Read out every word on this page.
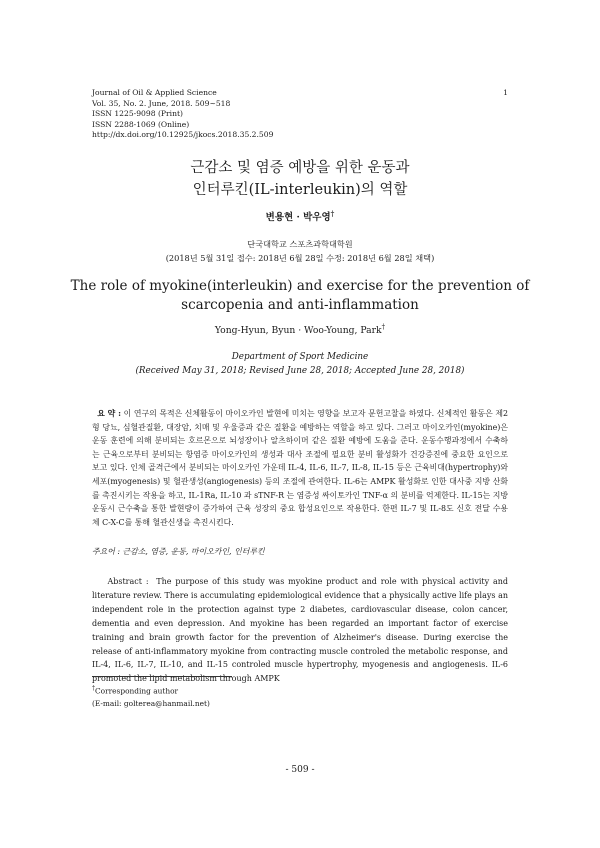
Journal of Oil & Applied Science
Vol. 35, No. 2. June, 2018. 509~518
ISSN 1225-9098 (Print)
ISSN 2288-1069 (Online)
http://dx.doi.org/10.12925/jkocs.2018.35.2.509
1
근감소 및 염증 예방을 위한 운동과
인터루킨(IL-interleukin)의 역할
변용현 · 박우영†
단국대학교 스포츠과학대학원
(2018년 5월 31일 접수: 2018년 6월 28일 수정: 2018년 6월 28일 채택)
The role of myokine(interleukin) and exercise for the prevention of
scarcopenia and anti-inflammation
Yong-Hyun, Byun · Woo-Young, Park†
Department of Sport Medicine
(Received May 31, 2018; Revised June 28, 2018; Accepted June 28, 2018)
요 약 : 이 연구의 목적은 신체활동이 마이오카인 발현에 미치는 영향을 보고자 문헌고찰을 하였다. 신체적인 활동은 제2형 당뇨, 심혈관질환, 대장암, 치매 및 우울증과 같은 질환을 예방하는 역할을 하고 있다. 그러고 마이오카인(myokine)은 운동 훈련에 의해 분비되는 호르몬으로 뇌성장이나 알츠하이머 같은 질환 예방에 도움을 준다. 운동수행과정에서 수축하는 근육으로부터 분비되는 항염증 마이오카인의 생성과 대사 조절에 필요한 분비 활성화가 건강증진에 중요한 요인으로 보고 있다. 인체 골격근에서 분비되는 마이오카인 가운데 IL-4, IL-6, IL-7, IL-8, IL-15 등은 근육비대(hypertrophy)와 세포(myogenesis) 및 혈관생성(angiogenesis) 등의 조절에 관여한다. IL-6는 AMPK 활성화로 인한 대사중 지방 산화를 촉진시키는 작용을 하고, IL-1Ra, IL-10 과 sTNF-R 는 염증성 싸이토카인 TNF-α 의 분비를 억제한다. IL-15는 지방 운동시 근수축을 통한 발현량이 증가하여 근육 성장의 중요 합성요인으로 작용한다. 한편 IL-7 및 IL-8도 신호 전달 수용체 C-X-C를 통해 혈관신생을 촉진시킨다.
주요어 : 근감소, 염증, 운동, 마이오카인, 인터루킨
Abstract : The purpose of this study was myokine product and role with physical activity and literature review. There is accumulating epidemiological evidence that a physically active life plays an independent role in the protection against type 2 diabetes, cardiovascular disease, colon cancer, dementia and even depression. And myokine has been regarded an important factor of exercise training and brain growth factor for the prevention of Alzheimer's disease. During exercise the release of anti-inflammatory myokine from contracting muscle controled the metabolic response, and IL-4, IL-6, IL-7, IL-10, and IL-15 controled muscle hypertrophy, myogenesis and angiogenesis. IL-6 promoted the lipid metabolism through AMPK
†Corresponding author
(E-mail: golterea@hanmail.net)
- 509 -
